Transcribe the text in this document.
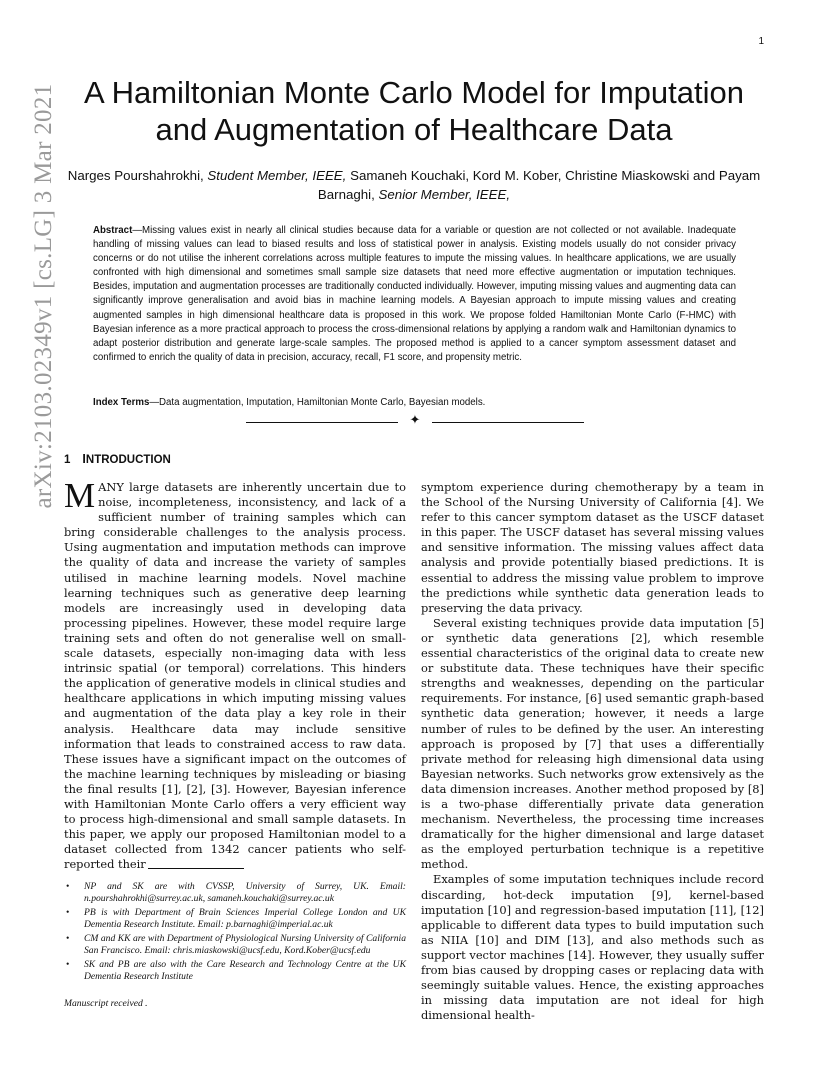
1
arXiv:2103.02349v1 [cs.LG] 3 Mar 2021 A Hamiltonian Monte Carlo Model for Imputation and Augmentation of Healthcare Data
Narges Pourshahrokhi, Student Member, IEEE, Samaneh Kouchaki, Kord M. Kober, Christine Miaskowski and Payam Barnaghi, Senior Member, IEEE,
Abstract—Missing values exist in nearly all clinical studies because data for a variable or question are not collected or not available. Inadequate handling of missing values can lead to biased results and loss of statistical power in analysis. Existing models usually do not consider privacy concerns or do not utilise the inherent correlations across multiple features to impute the missing values. In healthcare applications, we are usually confronted with high dimensional and sometimes small sample size datasets that need more effective augmentation or imputation techniques. Besides, imputation and augmentation processes are traditionally conducted individually. However, imputing missing values and augmenting data can significantly improve generalisation and avoid bias in machine learning models. A Bayesian approach to impute missing values and creating augmented samples in high dimensional healthcare data is proposed in this work. We propose folded Hamiltonian Monte Carlo (F-HMC) with Bayesian inference as a more practical approach to process the cross-dimensional relations by applying a random walk and Hamiltonian dynamics to adapt posterior distribution and generate large-scale samples. The proposed method is applied to a cancer symptom assessment dataset and confirmed to enrich the quality of data in precision, accuracy, recall, F1 score, and propensity metric.
Index Terms—Data augmentation, Imputation, Hamiltonian Monte Carlo, Bayesian models.
✦
1 INTRODUCTION

MANY large datasets are inherently uncertain due to noise, incompleteness, inconsistency, and lack of a sufficient number of training samples which can bring considerable challenges to the analysis process. Using augmentation and imputation methods can improve the quality of data and increase the variety of samples utilised in machine learning models. Novel machine learning techniques such as generative deep learning models are increasingly used in developing data processing pipelines. However, these model require large training sets and often do not generalise well on small-scale datasets, especially non-imaging data with less intrinsic spatial (or temporal) correlations. This hinders the application of generative models in clinical studies and healthcare applications in which imputing missing values and augmentation of the data play a key role in their analysis. Healthcare data may include sensitive information that leads to constrained access to raw data. These issues have a significant impact on the outcomes of the machine learning techniques by misleading or biasing the final results [1], [2], [3]. However, Bayesian inference with Hamiltonian Monte Carlo offers a very efficient way to process high-dimensional and small sample datasets. In this paper, we apply our proposed Hamiltonian model to a dataset collected from 1342 cancer patients who self-reported their

• NP and SK are with CVSSP, University of Surrey, UK. Email: n.pourshahrokhi@surrey.ac.uk, samaneh.kouchaki@surrey.ac.uk
• PB is with Department of Brain Sciences Imperial College London and UK Dementia Research Institute. Email: p.barnaghi@imperial.ac.uk
• CM and KK are with Department of Physiological Nursing University of California San Francisco. Email: chris.miaskowski@ucsf.edu, Kord.Kober@ucsf.edu
• SK and PB are also with the Care Research and Technology Centre at the UK Dementia Research Institute
Manuscript received .

symptom experience during chemotherapy by a team in the School of the Nursing University of California [4]. We refer to this cancer symptom dataset as the USCF dataset in this paper. The USCF dataset has several missing values and sensitive information. The missing values affect data analysis and provide potentially biased predictions. It is essential to address the missing value problem to improve the predictions while synthetic data generation leads to preserving the data privacy.

Several existing techniques provide data imputation [5] or synthetic data generations [2], which resemble essential characteristics of the original data to create new or substitute data. These techniques have their specific strengths and weaknesses, depending on the particular requirements. For instance, [6] used semantic graph-based synthetic data generation; however, it needs a large number of rules to be defined by the user. An interesting approach is proposed by [7] that uses a differentially private method for releasing high dimensional data using Bayesian networks. Such networks grow extensively as the data dimension increases. Another method proposed by [8] is a two-phase differentially private data generation mechanism. Nevertheless, the processing time increases dramatically for the higher dimensional and large dataset as the employed perturbation technique is a repetitive method.

Examples of some imputation techniques include record discarding, hot-deck imputation [9], kernel-based imputation [10] and regression-based imputation [11], [12] applicable to different data types to build imputation such as NIIA [10] and DIM [13], and also methods such as support vector machines [14]. However, they usually suffer from bias caused by dropping cases or replacing data with seemingly suitable values. Hence, the existing approaches in missing data imputation are not ideal for high dimensional health-
